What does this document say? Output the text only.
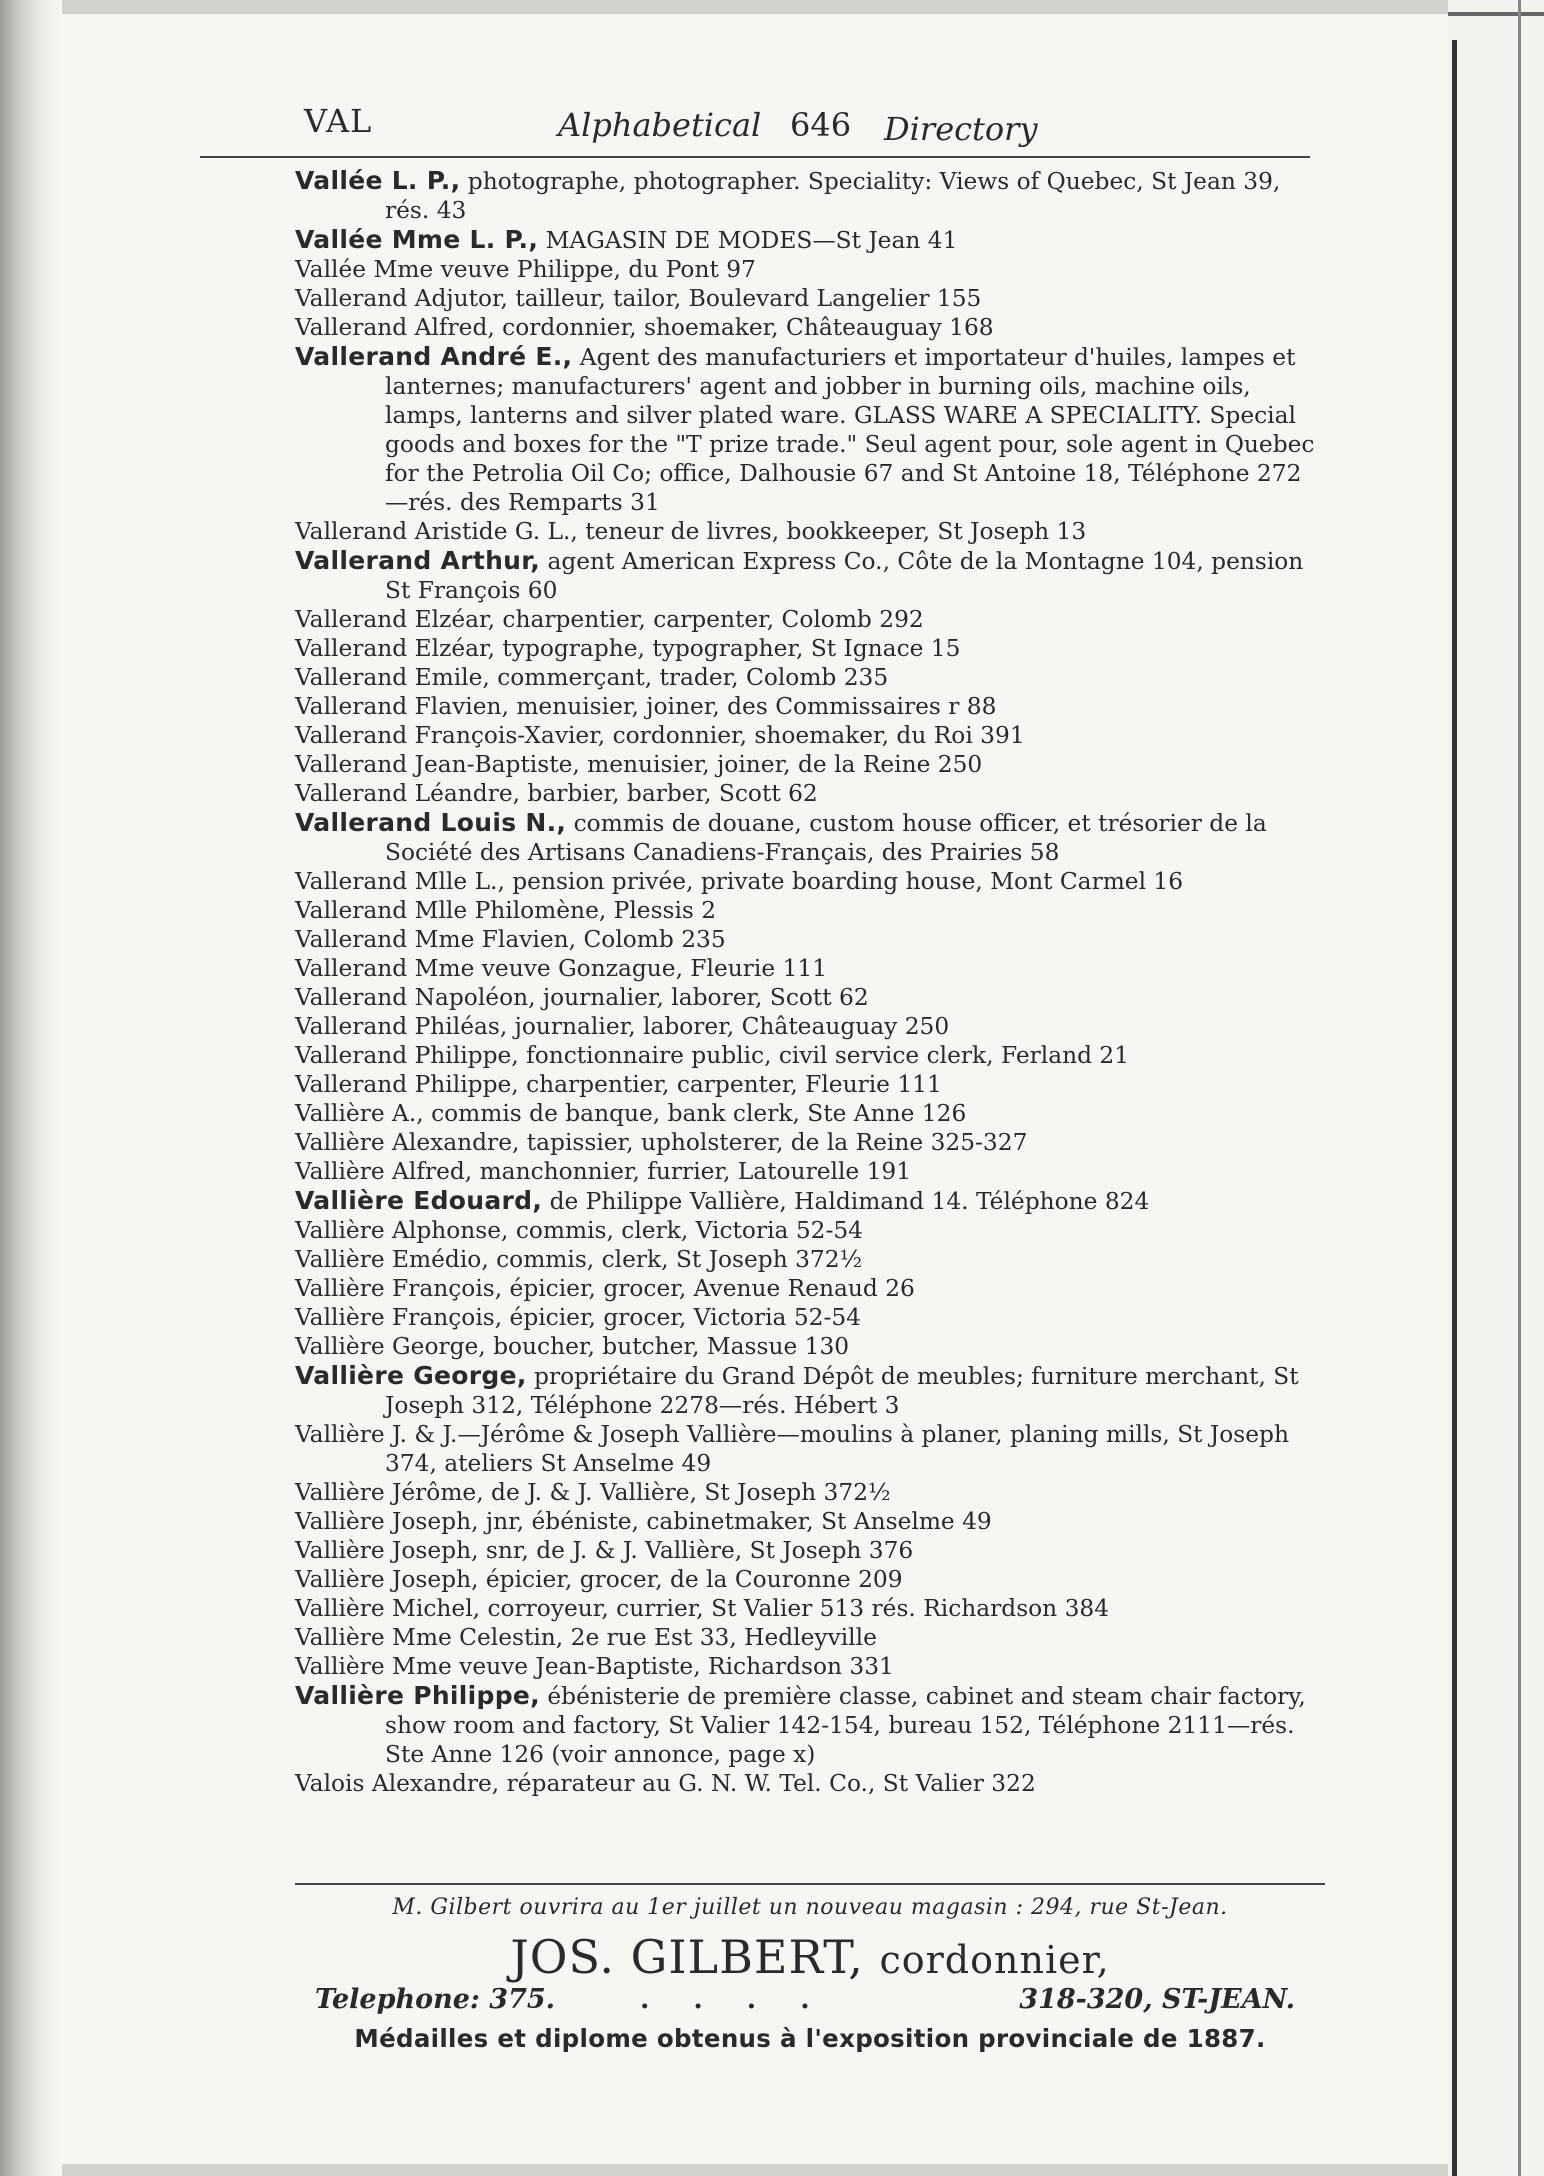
VAL	Alphabetical 646 Directory
Vallée L. P., photographe, photographer. Speciality: Views of Quebec, St Jean 39, rés. 43
Vallée Mme L. P., MAGASIN DE MODES—St Jean 41
Vallée Mme veuve Philippe, du Pont 97
Vallerand Adjutor, tailleur, tailor, Boulevard Langelier 155
Vallerand Alfred, cordonnier, shoemaker, Châteauguay 168
Vallerand André E., Agent des manufacturiers et importateur d'huiles, lampes et lanternes; manufacturers' agent and jobber in burning oils, machine oils, lamps, lanterns and silver plated ware. GLASS WARE A SPECIALITY. Special goods and boxes for the "T prize trade." Seul agent pour, sole agent in Quebec for the Petrolia Oil Co; office, Dalhousie 67 and St Antoine 18, Téléphone 272—rés. des Remparts 31
Vallerand Aristide G. L., teneur de livres, bookkeeper, St Joseph 13
Vallerand Arthur, agent American Express Co., Côte de la Montagne 104, pension St François 60
Vallerand Elzéar, charpentier, carpenter, Colomb 292
Vallerand Elzéar, typographe, typographer, St Ignace 15
Vallerand Emile, commerçant, trader, Colomb 235
Vallerand Flavien, menuisier, joiner, des Commissaires r 88
Vallerand François-Xavier, cordonnier, shoemaker, du Roi 391
Vallerand Jean-Baptiste, menuisier, joiner, de la Reine 250
Vallerand Léandre, barbier, barber, Scott 62
Vallerand Louis N., commis de douane, custom house officer, et trésorier de la Société des Artisans Canadiens-Français, des Prairies 58
Vallerand Mlle L., pension privée, private boarding house, Mont Carmel 16
Vallerand Mlle Philomène, Plessis 2
Vallerand Mme Flavien, Colomb 235
Vallerand Mme veuve Gonzague, Fleurie 111
Vallerand Napoléon, journalier, laborer, Scott 62
Vallerand Philéas, journalier, laborer, Châteauguay 250
Vallerand Philippe, fonctionnaire public, civil service clerk, Ferland 21
Vallerand Philippe, charpentier, carpenter, Fleurie 111
Vallière A., commis de banque, bank clerk, Ste Anne 126
Vallière Alexandre, tapissier, upholsterer, de la Reine 325-327
Vallière Alfred, manchonnier, furrier, Latourelle 191
Vallière Edouard, de Philippe Vallière, Haldimand 14. Téléphone 824
Vallière Alphonse, commis, clerk, Victoria 52-54
Vallière Emédio, commis, clerk, St Joseph 372½
Vallière François, épicier, grocer, Avenue Renaud 26
Vallière François, épicier, grocer, Victoria 52-54
Vallière George, boucher, butcher, Massue 130
Vallière George, propriétaire du Grand Dépôt de meubles; furniture merchant, St Joseph 312, Téléphone 2278—rés. Hébert 3
Vallière J. & J.—Jérôme & Joseph Vallière—moulins à planer, planing mills, St Joseph 374, ateliers St Anselme 49
Vallière Jérôme, de J. & J. Vallière, St Joseph 372½
Vallière Joseph, jnr, ébéniste, cabinetmaker, St Anselme 49
Vallière Joseph, snr, de J. & J. Vallière, St Joseph 376
Vallière Joseph, épicier, grocer, de la Couronne 209
Vallière Michel, corroyeur, currier, St Valier 513 rés. Richardson 384
Vallière Mme Celestin, 2e rue Est 33, Hedleyville
Vallière Mme veuve Jean-Baptiste, Richardson 331
Vallière Philippe, ébénisterie de première classe, cabinet and steam chair factory, show room and factory, St Valier 142-154, bureau 152, Téléphone 2111—rés. Ste Anne 126 (voir annonce, page x)
Valois Alexandre, réparateur au G. N. W. Tel. Co., St Valier 322
M. Gilbert ouvrira au 1er juillet un nouveau magasin : 294, rue St-Jean.
JOS. GILBERT, cordonnier,
Telephone: 375.	....	318-320, ST-JEAN.
Médailles et diplome obtenus à l'exposition provinciale de 1887.
